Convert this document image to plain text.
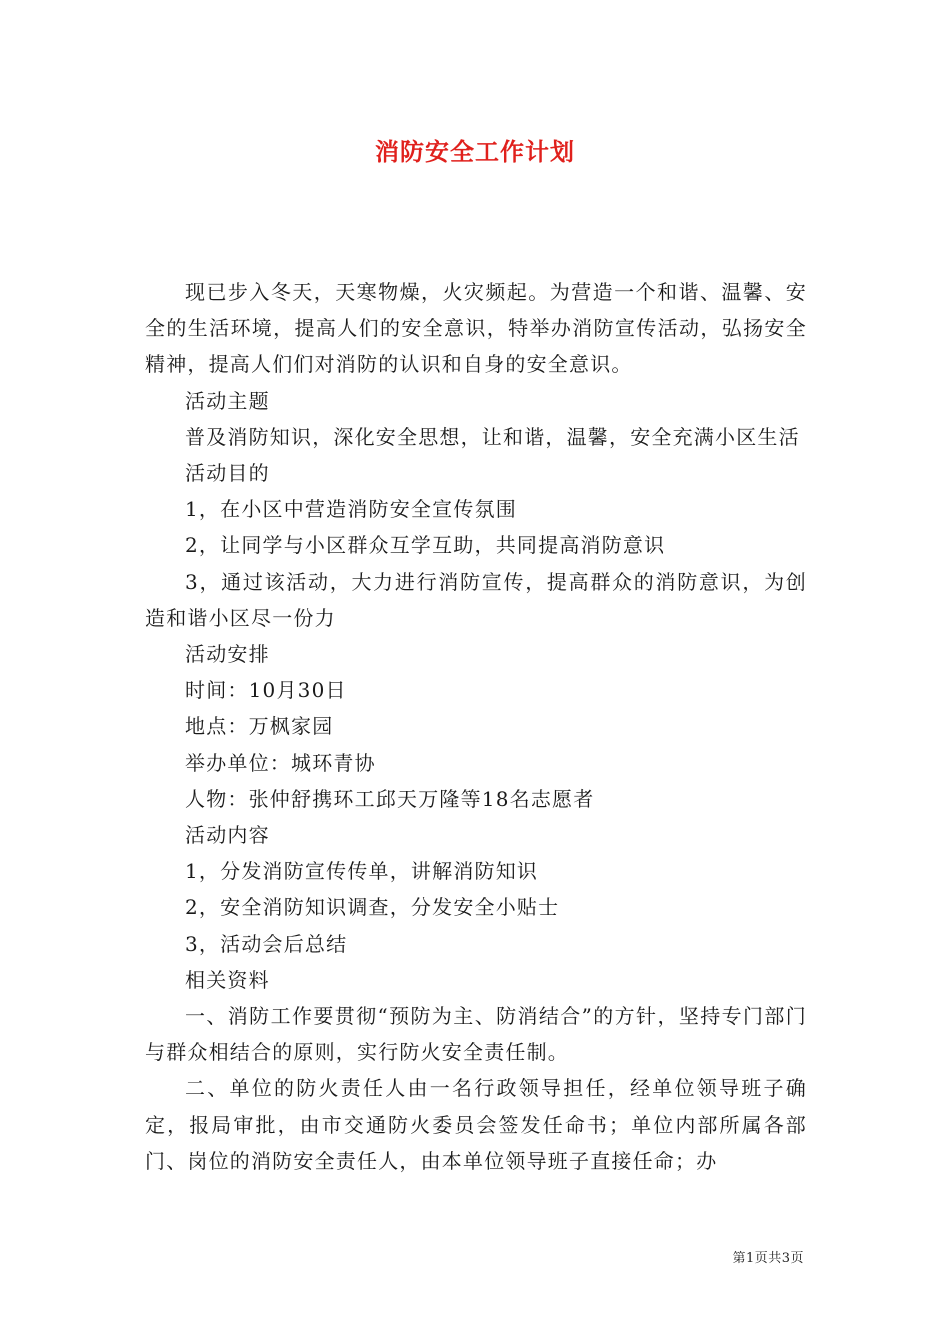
消防安全工作计划

现已步入冬天，天寒物燥，火灾频起。为营造一个和谐、温馨、安全的生活环境，提高人们的安全意识，特举办消防宣传活动，弘扬安全精神，提高人们们对消防的认识和自身的安全意识。

活动主题

普及消防知识，深化安全思想，让和谐，温馨，安全充满小区生活

活动目的

1，在小区中营造消防安全宣传氛围

2，让同学与小区群众互学互助，共同提高消防意识

3，通过该活动，大力进行消防宣传，提高群众的消防意识，为创造和谐小区尽一份力

活动安排

时间：10月30日

地点：万枫家园

举办单位：城环青协

人物：张仲舒携环工邱天万隆等18名志愿者

活动内容

1，分发消防宣传传单，讲解消防知识

2，安全消防知识调查，分发安全小贴士

3，活动会后总结

相关资料

一、消防工作要贯彻“预防为主、防消结合”的方针，坚持专门部门与群众相结合的原则，实行防火安全责任制。

二、单位的防火责任人由一名行政领导担任，经单位领导班子确定，报局审批，由市交通防火委员会签发任命书；单位内部所属各部门、岗位的消防安全责任人，由本单位领导班子直接任命；办

第1页共3页
